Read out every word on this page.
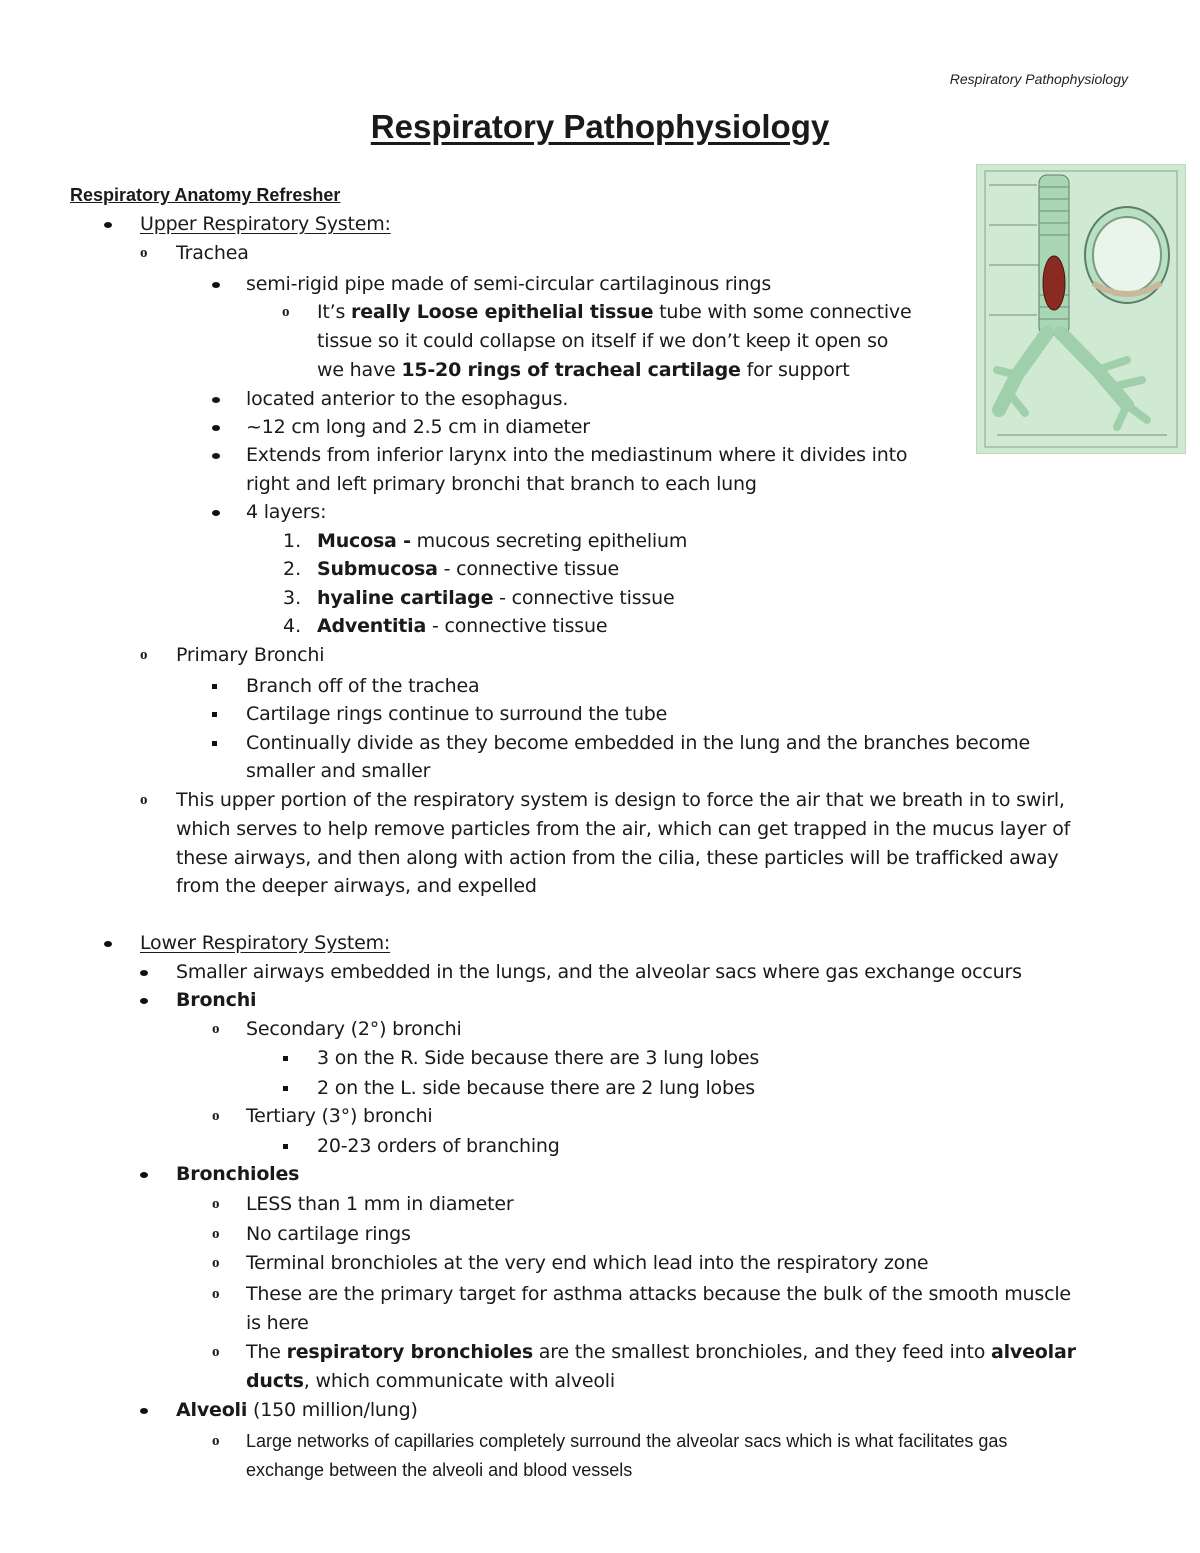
Respiratory Pathophysiology
Respiratory Pathophysiology
Respiratory Anatomy Refresher
Upper Respiratory System:
o Trachea
semi-rigid pipe made of semi-circular cartilaginous rings
o It’s really Loose epithelial tissue tube with some connective
tissue so it could collapse on itself if we don’t keep it open so
we have 15-20 rings of tracheal cartilage for support
located anterior to the esophagus.
~12 cm long and 2.5 cm in diameter
Extends from inferior larynx into the mediastinum where it divides into
right and left primary bronchi that branch to each lung
4 layers:
1. Mucosa - mucous secreting epithelium
2. Submucosa - connective tissue
3. hyaline cartilage - connective tissue
4. Adventitia - connective tissue
o Primary Bronchi
Branch off of the trachea
Cartilage rings continue to surround the tube
Continually divide as they become embedded in the lung and the branches become
smaller and smaller
o This upper portion of the respiratory system is design to force the air that we breath in to swirl,
which serves to help remove particles from the air, which can get trapped in the mucus layer of
these airways, and then along with action from the cilia, these particles will be trafficked away
from the deeper airways, and expelled
Lower Respiratory System:
Smaller airways embedded in the lungs, and the alveolar sacs where gas exchange occurs
Bronchi
o Secondary (2°) bronchi
3 on the R. Side because there are 3 lung lobes
2 on the L. side because there are 2 lung lobes
o Tertiary (3°) bronchi
20-23 orders of branching
Bronchioles
o LESS than 1 mm in diameter
o No cartilage rings
o Terminal bronchioles at the very end which lead into the respiratory zone
o These are the primary target for asthma attacks because the bulk of the smooth muscle
is here
o The respiratory bronchioles are the smallest bronchioles, and they feed into alveolar
ducts, which communicate with alveoli
Alveoli (150 million/lung)
o Large networks of capillaries completely surround the alveolar sacs which is what facilitates gas
exchange between the alveoli and blood vessels
